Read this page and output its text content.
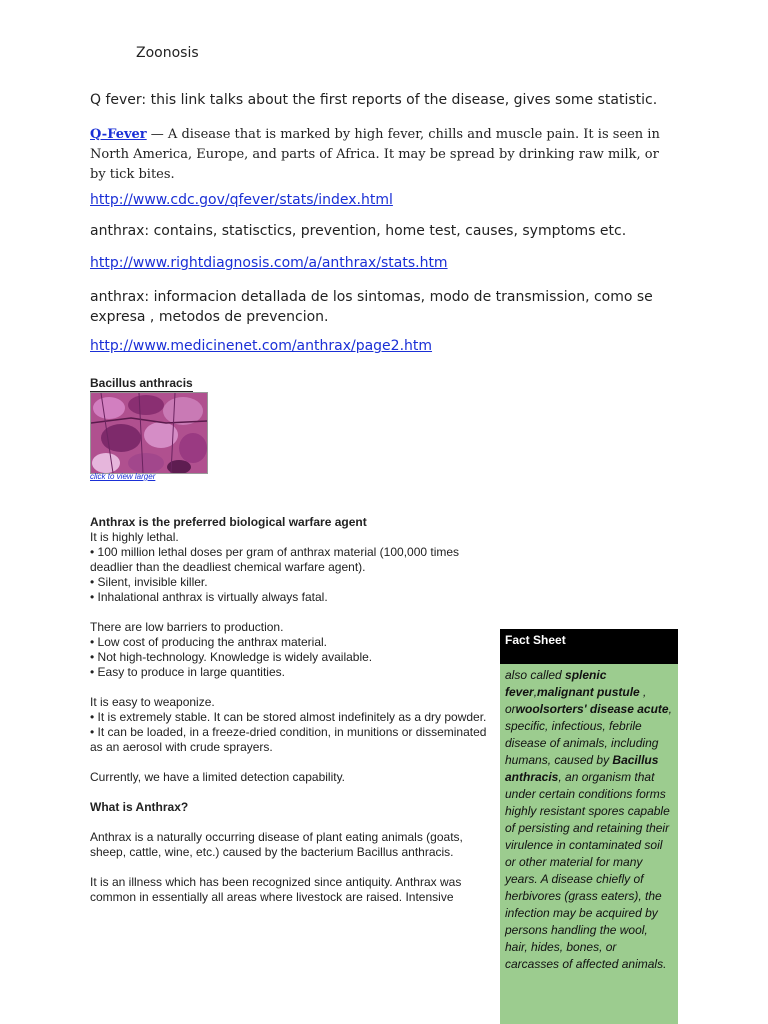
Zoonosis
Q fever: this link talks about the first reports of the disease, gives some statistic.
Q-Fever — A disease that is marked by high fever, chills and muscle pain. It is seen in North America, Europe, and parts of Africa. It may be spread by drinking raw milk, or by tick bites.
http://www.cdc.gov/qfever/stats/index.html
anthrax: contains, statisctics, prevention, home test, causes, symptoms etc.
http://www.rightdiagnosis.com/a/anthrax/stats.htm
anthrax: informacion detallada de los sintomas, modo de transmission, como se expresa , metodos de prevencion.
http://www.medicinenet.com/anthrax/page2.htm
Bacillus anthracis
click to view larger

Anthrax is the preferred biological warfare agent

It is highly lethal.

• 100 million lethal doses per gram of anthrax material (100,000 times deadlier than the deadliest chemical warfare agent).

• Silent, invisible killer.

• Inhalational anthrax is virtually always fatal.

There are low barriers to production.

• Low cost of producing the anthrax material.

• Not high-technology. Knowledge is widely available.

• Easy to produce in large quantities.

It is easy to weaponize.

• It is extremely stable. It can be stored almost indefinitely as a dry powder.

• It can be loaded, in a freeze-dried condition, in munitions or disseminated as an aerosol with crude sprayers.

Currently, we have a limited detection capability.

What is Anthrax?

Anthrax is a naturally occurring disease of plant eating animals (goats, sheep, cattle, wine, etc.) caused by the bacterium Bacillus anthracis.

It is an illness which has been recognized since antiquity. Anthrax was common in essentially all areas where livestock are raised. Intensive

Fact Sheet
also called splenic fever,malignant pustule , orwoolsorters' disease acute, specific, infectious, febrile disease of animals, including humans, caused by Bacillus anthracis, an organism that under certain conditions forms highly resistant spores capable of persisting and retaining their virulence in contaminated soil or other material for many years. A disease chiefly of herbivores (grass eaters), the infection may be acquired by persons handling the wool, hair, hides, bones, or carcasses of affected animals.
